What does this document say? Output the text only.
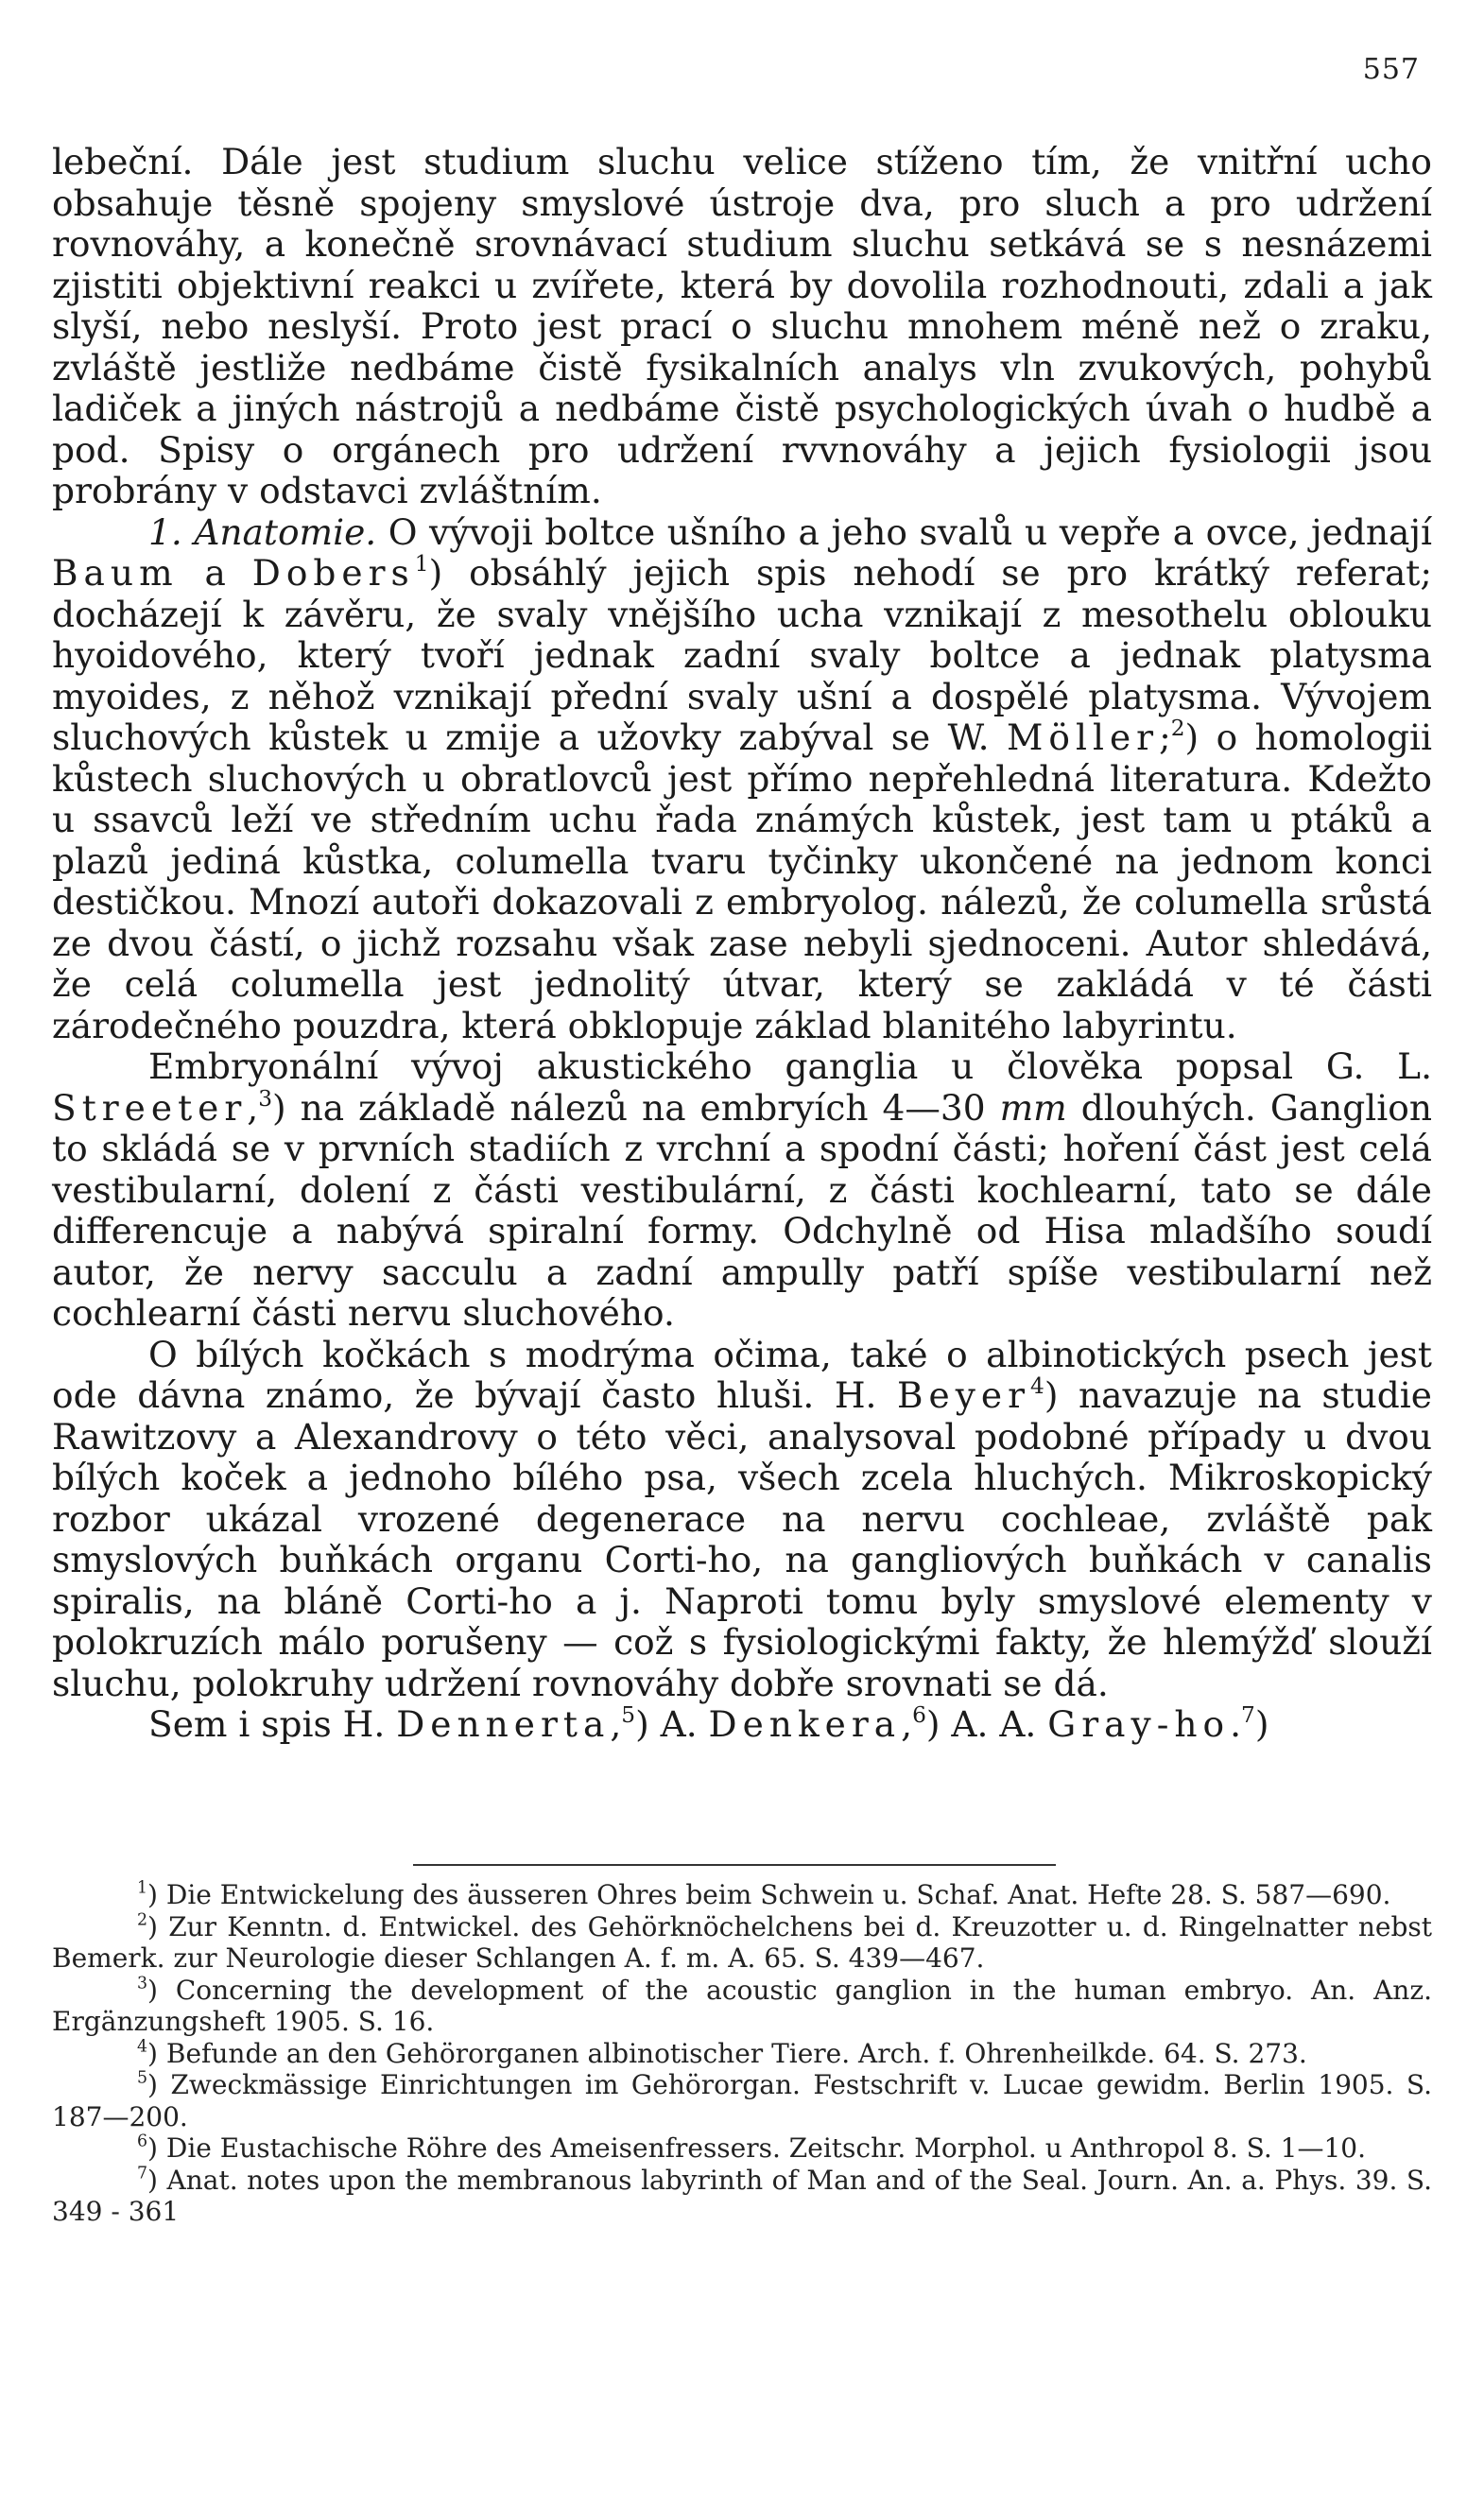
557

lebeční. Dále jest studium sluchu velice stíženo tím, že vnitřní ucho obsahuje těsně spojeny smyslové ústroje dva, pro sluch a pro udržení rovnováhy, a konečně srovnávací studium sluchu setkává se s nesnázemi zjistiti objektivní reakci u zvířete, která by dovolila rozhodnouti, zdali a jak slyší, nebo neslyší. Proto jest prací o sluchu mnohem méně než o zraku, zvláště jestliže nedbáme čistě fysikalních analys vln zvukových, pohybů ladiček a jiných nástrojů a nedbáme čistě psychologických úvah o hudbě a pod. Spisy o orgánech pro udržení rvvnováhy a jejich fysiologii jsou probrány v odstavci zvláštním.

1. Anatomie. O vývoji boltce ušního a jeho svalů u vepře a ovce, jednají Baum a Dobers$^1$) obsáhlý jejich spis nehodí se pro krátký referat; docházejí k závěru, že svaly vnějšího ucha vznikají z mesothelu oblouku hyoidového, který tvoří jednak zadní svaly boltce a jednak platysma myoides, z něhož vznikají přední svaly ušní a dospělé platysma. Vývojem sluchových kůstek u zmije a užovky zabýval se W. Möller;$^2$) o homologii kůstech sluchových u obratlovců jest přímo nepřehledná literatura. Kdežto u ssavců leží ve středním uchu řada známých kůstek, jest tam u ptáků a plazů jediná kůstka, columella tvaru tyčinky ukončené na jednom konci destičkou. Mnozí autoři dokazovali z embryolog. nálezů, že columella srůstá ze dvou částí, o jichž rozsahu však zase nebyli sjednoceni. Autor shledává, že celá columella jest jednolitý útvar, který se zakládá v té části zárodečného pouzdra, která obklopuje základ blanitého labyrintu.

Embryonální vývoj akustického ganglia u člověka popsal G. L. Streeter,$^3$) na základě nálezů na embryích 4—30 mm dlouhých. Ganglion to skládá se v prvních stadiích z vrchní a spodní části; hoření část jest celá vestibularní, dolení z části vestibulární, z části kochlearní, tato se dále differencuje a nabývá spiralní formy. Odchylně od Hisa mladšího soudí autor, že nervy sacculu a zadní ampully patří spíše vestibularní než cochlearní části nervu sluchového.

O bílých kočkách s modrýma očima, také o albinotických psech jest ode dávna známo, že bývají často hluši. H. Beyer$^4$) navazuje na studie Rawitzovy a Alexandrovy o této věci, analysoval podobné případy u dvou bílých koček a jednoho bílého psa, všech zcela hluchých. Mikroskopický rozbor ukázal vrozené degenerace na nervu cochleae, zvláště pak smyslových buňkách organu Corti-ho, na gangliových buňkách v canalis spiralis, na bláně Corti-ho a j. Naproti tomu byly smyslové elementy v polokruzích málo porušeny — což s fysiologickými fakty, že hlemýžď slouží sluchu, polokruhy udržení rovnováhy dobře srovnati se dá.

Sem i spis H. Dennerta,$^5$) A. Denkera,$^6$) A. A. Gray-ho.$^7$)

$^1$) Die Entwickelung des äusseren Ohres beim Schwein u. Schaf. Anat. Hefte 28. S. 587—690.

$^2$) Zur Kenntn. d. Entwickel. des Gehörknöchelchens bei d. Kreuzotter u. d. Ringelnatter nebst Bemerk. zur Neurologie dieser Schlangen A. f. m. A. 65. S. 439—467.

$^3$) Concerning the development of the acoustic ganglion in the human embryo. An. Anz. Ergänzungsheft 1905. S. 16.

$^4$) Befunde an den Gehörorganen albinotischer Tiere. Arch. f. Ohrenheilkde. 64. S. 273.

$^5$) Zweckmässige Einrichtungen im Gehörorgan. Festschrift v. Lucae gewidm. Berlin 1905. S. 187—200.

$^6$) Die Eustachische Röhre des Ameisenfressers. Zeitschr. Morphol. u Anthropol 8. S. 1—10.

$^7$) Anat. notes upon the membranous labyrinth of Man and of the Seal. Journ. An. a. Phys. 39. S. 349 - 361
